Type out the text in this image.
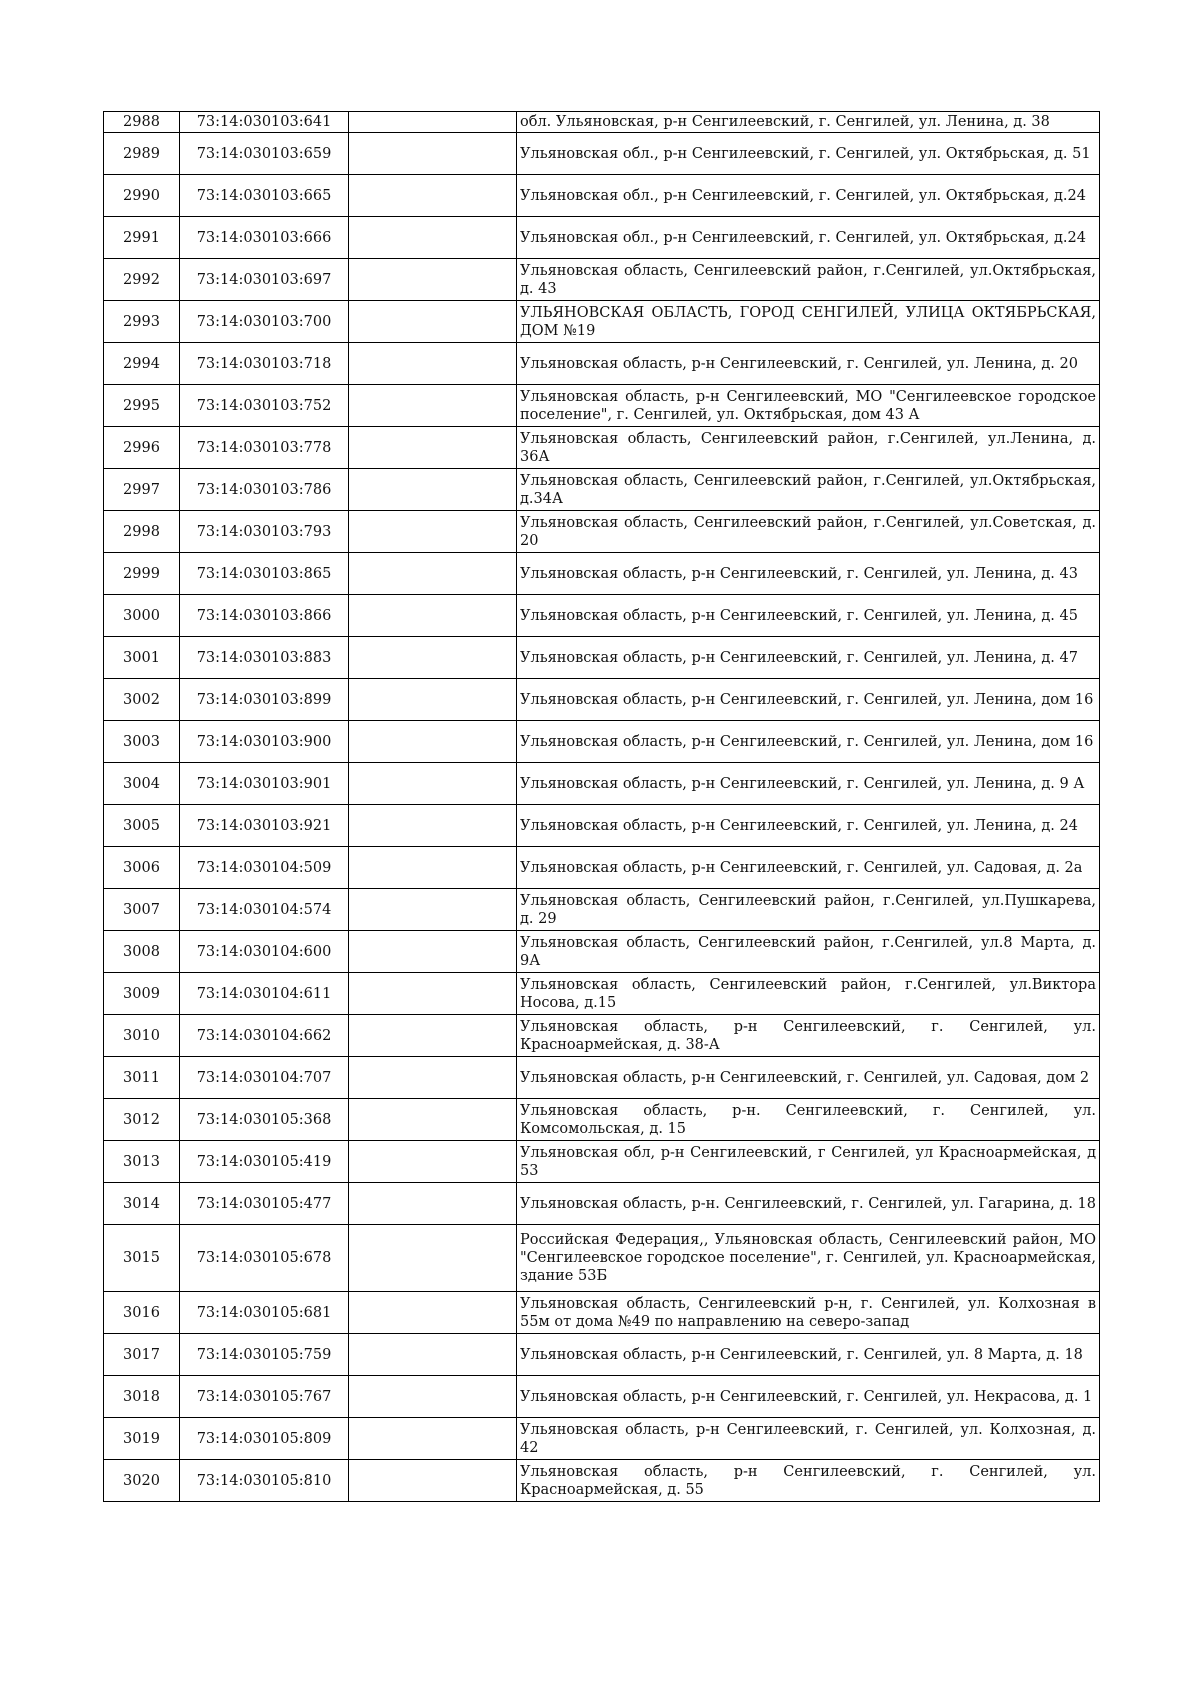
2988	73:14:030103:641		обл. Ульяновская, р-н Сенгилеевский, г. Сенгилей, ул. Ленина, д. 38
2989	73:14:030103:659		Ульяновская обл., р-н Сенгилеевский, г. Сенгилей, ул. Октябрьская, д. 51
2990	73:14:030103:665		Ульяновская обл., р-н Сенгилеевский, г. Сенгилей, ул. Октябрьская, д.24
2991	73:14:030103:666		Ульяновская обл., р-н Сенгилеевский, г. Сенгилей, ул. Октябрьская, д.24
2992	73:14:030103:697		Ульяновская область, Сенгилеевский район, г.Сенгилей, ул.Октябрьская, д. 43
2993	73:14:030103:700		УЛЬЯНОВСКАЯ ОБЛАСТЬ, ГОРОД СЕНГИЛЕЙ, УЛИЦА ОКТЯБРЬСКАЯ, ДОМ №19
2994	73:14:030103:718		Ульяновская область, р-н Сенгилеевский, г. Сенгилей, ул. Ленина, д. 20
2995	73:14:030103:752		Ульяновская область, р-н Сенгилеевский, МО "Сенгилеевское городское поселение", г. Сенгилей, ул. Октябрьская, дом 43 А
2996	73:14:030103:778		Ульяновская область, Сенгилеевский район, г.Сенгилей, ул.Ленина, д. 36А
2997	73:14:030103:786		Ульяновская область, Сенгилеевский район, г.Сенгилей, ул.Октябрьская, д.34А
2998	73:14:030103:793		Ульяновская область, Сенгилеевский район, г.Сенгилей, ул.Советская, д. 20
2999	73:14:030103:865		Ульяновская область, р-н Сенгилеевский, г. Сенгилей, ул. Ленина, д. 43
3000	73:14:030103:866		Ульяновская область, р-н Сенгилеевский, г. Сенгилей, ул. Ленина, д. 45
3001	73:14:030103:883		Ульяновская область, р-н Сенгилеевский, г. Сенгилей, ул. Ленина, д. 47
3002	73:14:030103:899		Ульяновская область, р-н Сенгилеевский, г. Сенгилей, ул. Ленина, дом 16
3003	73:14:030103:900		Ульяновская область, р-н Сенгилеевский, г. Сенгилей, ул. Ленина, дом 16
3004	73:14:030103:901		Ульяновская область, р-н Сенгилеевский, г. Сенгилей, ул. Ленина, д. 9 А
3005	73:14:030103:921		Ульяновская область, р-н Сенгилеевский, г. Сенгилей, ул. Ленина, д. 24
3006	73:14:030104:509		Ульяновская область, р-н Сенгилеевский, г. Сенгилей, ул. Садовая, д. 2а
3007	73:14:030104:574		Ульяновская область, Сенгилеевский район, г.Сенгилей, ул.Пушкарева, д. 29
3008	73:14:030104:600		Ульяновская область, Сенгилеевский район, г.Сенгилей, ул.8 Марта, д. 9А
3009	73:14:030104:611		Ульяновская область, Сенгилеевский район, г.Сенгилей, ул.Виктора Носова, д.15
3010	73:14:030104:662		Ульяновская область, р-н Сенгилеевский, г. Сенгилей, ул. Красноармейская, д. 38-А
3011	73:14:030104:707		Ульяновская область, р-н Сенгилеевский, г. Сенгилей, ул. Садовая, дом 2
3012	73:14:030105:368		Ульяновская область, р-н. Сенгилеевский, г. Сенгилей, ул. Комсомольская, д. 15
3013	73:14:030105:419		Ульяновская обл, р-н Сенгилеевский, г Сенгилей, ул Красноармейская, д 53
3014	73:14:030105:477		Ульяновская область, р-н. Сенгилеевский, г. Сенгилей, ул. Гагарина, д. 18
3015	73:14:030105:678		Российская Федерация,, Ульяновская область, Сенгилеевский район, МО "Сенгилеевское городское поселение", г. Сенгилей, ул. Красноармейская, здание 53Б
3016	73:14:030105:681		Ульяновская область, Сенгилеевский р-н, г. Сенгилей, ул. Колхозная в 55м от дома №49 по направлению на северо-запад
3017	73:14:030105:759		Ульяновская область, р-н Сенгилеевский, г. Сенгилей, ул. 8 Марта, д. 18
3018	73:14:030105:767		Ульяновская область, р-н Сенгилеевский, г. Сенгилей, ул. Некрасова, д. 1
3019	73:14:030105:809		Ульяновская область, р-н Сенгилеевский, г. Сенгилей, ул. Колхозная, д. 42
3020	73:14:030105:810		Ульяновская область, р-н Сенгилеевский, г. Сенгилей, ул. Красноармейская, д. 55
